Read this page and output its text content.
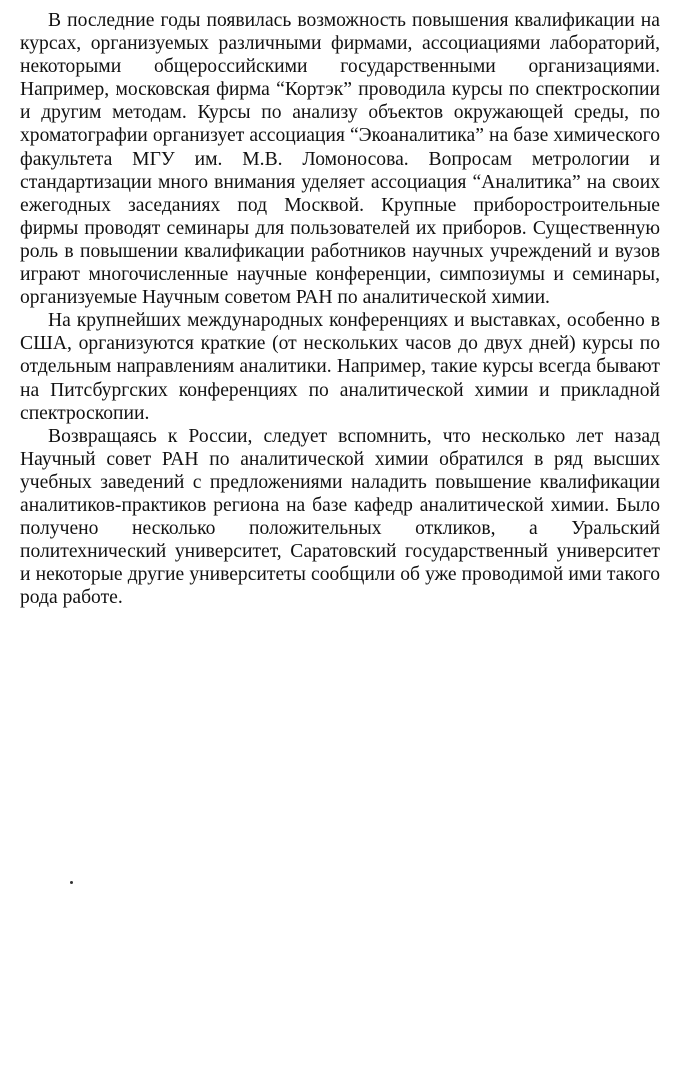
В последние годы появилась возможность повышения квалификации на курсах, организуемых различными фирмами, ассоциациями лабораторий, некоторыми общероссийскими государственными организациями. Например, московская фирма “Кортэк” проводила курсы по спектроскопии и другим методам. Курсы по анализу объектов окружающей среды, по хроматографии организует ассоциация “Экоаналитика” на базе химического факультета МГУ им. М.В. Ломоносова. Вопросам метрологии и стандартизации много внимания уделяет ассоциация “Аналитика” на своих ежегодных заседаниях под Москвой. Крупные приборостроительные фирмы проводят семинары для пользователей их приборов. Существенную роль в повышении квалификации работников научных учреждений и вузов играют многочисленные научные конференции, симпозиумы и семинары, организуемые Научным советом РАН по аналитической химии.

На крупнейших международных конференциях и выставках, особенно в США, организуются краткие (от нескольких часов до двух дней) курсы по отдельным направлениям аналитики. Например, такие курсы всегда бывают на Питсбургских конференциях по аналитической химии и прикладной спектроскопии.

Возвращаясь к России, следует вспомнить, что несколько лет назад Научный совет РАН по аналитической химии обратился в ряд высших учебных заведений с предложениями наладить повышение квалификации аналитиков-практиков региона на базе кафедр аналитической химии. Было получено несколько положительных откликов, а Уральский политехнический университет, Саратовский государственный университет и некоторые другие университеты сообщили об уже проводимой ими такого рода работе.
